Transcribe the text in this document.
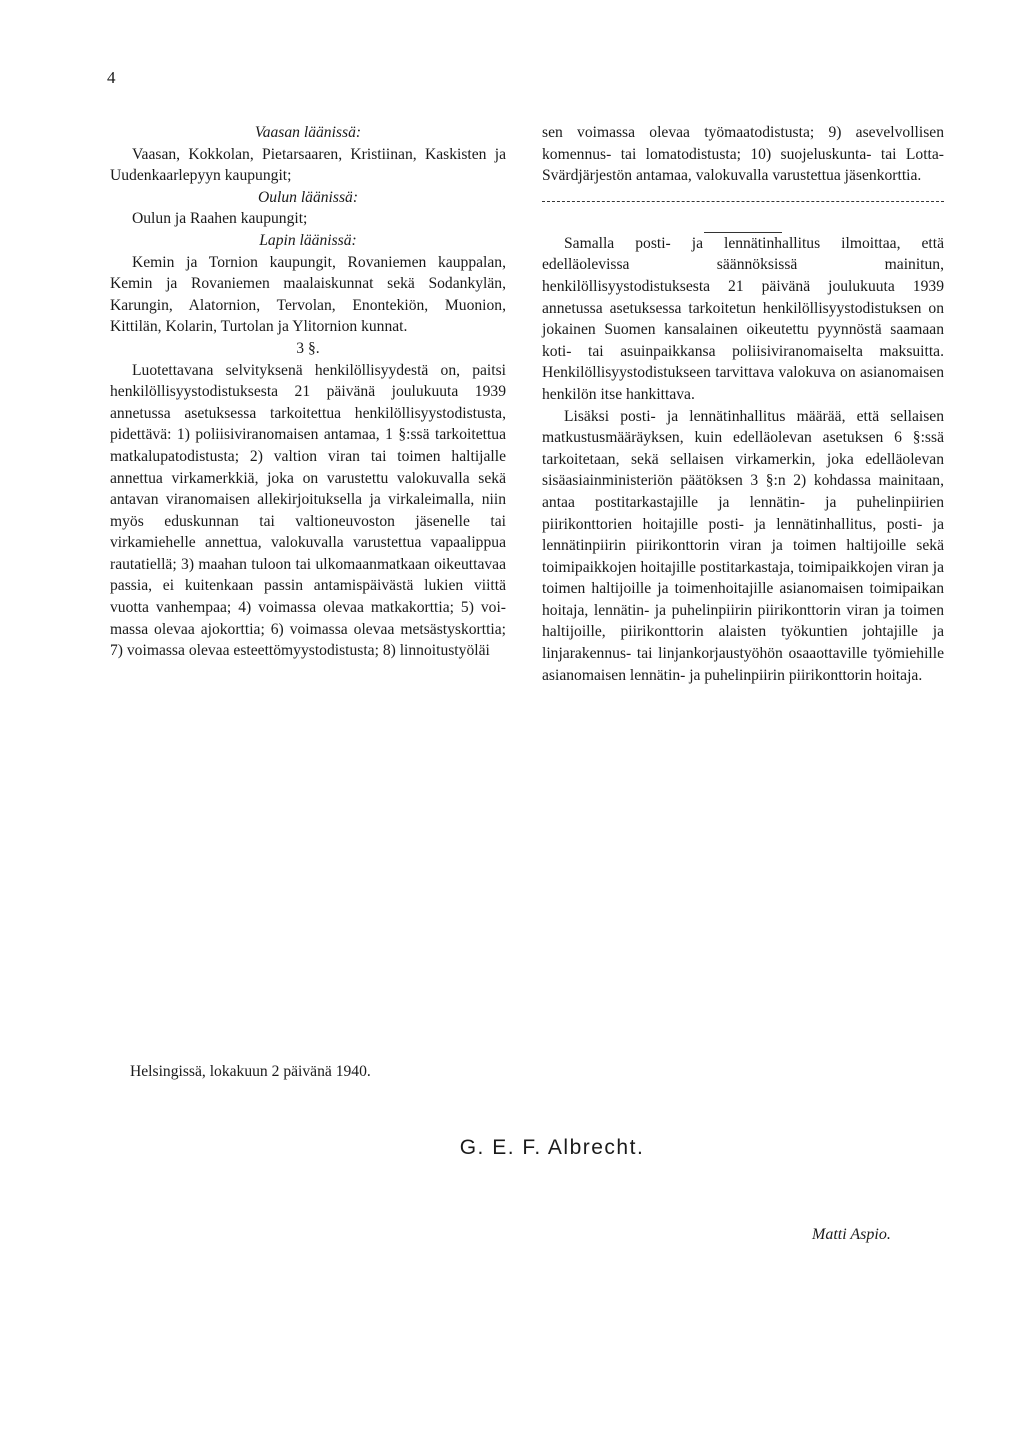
4

Vaasan läänissä:

Vaasan, Kokkolan, Pietarsaaren, Kristiinan, Kaskisten ja Uudenkaarlepyyn kaupungit;

Oulun läänissä:

Oulun ja Raahen kaupungit;

Lapin läänissä:

Kemin ja Tornion kaupungit, Rovaniemen kauppalan, Kemin ja Rovaniemen maalaiskunnat sekä Sodankylän, Karungin, Alatornion, Tervolan, Enontekiön, Muonion, Kittilän, Kolarin, Turtolan ja Ylitornion kunnat.

3 §.

Luotettavana selvityksenä henkilöllisyydestä on, paitsi henkilöllisyystodistuksesta 21 päivänä joulukuuta 1939 annetussa asetuksessa tarkoitettua henkilöllisyystodistusta, pidettävä: 1) poliisiviranomaisen antamaa, 1 §:ssä tarkoitettua matkalupatodistusta; 2) valtion viran tai toimen haltijalle annettua virkamerkkiä, joka on varustettu valokuvalla sekä antavan viranomaisen allekirjoituksella ja virkaleimalla, niin myös eduskunnan tai valtioneuvoston jäsenelle tai virkamiehelle annettua, valokuvalla varustettua vapaalippua rautatiellä; 3) maahan tuloon tai ulkomaanmatkaan oikeuttavaa passia, ei kuitenkaan passin antamispäivästä lukien viittä vuotta vanhempaa; 4) voimassa olevaa matkakorttia; 5) voimassa olevaa ajokorttia; 6) voimassa olevaa metsästyskorttia; 7) voimassa olevaa esteettömyystodistusta; 8) linnoitustyöläi

sen voimassa olevaa työmaatodistusta; 9) asevelvollisen komennus- tai lomatodistusta; 10) suojeluskunta- tai Lotta-Svärdjärjestön antamaa, valokuvalla varustettua jäsenkorttia.

Samalla posti- ja lennätinhallitus ilmoittaa, että edelläolevissa säännöksissä mainitun, henkilöllisyystodistuksesta 21 päivänä joulukuuta 1939 annetussa asetuksessa tarkoitetun henkilöllisyystodistuksen on jokainen Suomen kansalainen oikeutettu pyynnöstä saamaan koti- tai asuinpaikkansa poliisiviranomaiselta maksuitta. Henkilöllisyystodistukseen tarvittava valokuva on asianomaisen henkilön itse hankittava.

Lisäksi posti- ja lennätinhallitus määrää, että sellaisen matkustusmääräyksen, kuin edelläolevan asetuksen 6 §:ssä tarkoitetaan, sekä sellaisen virkamerkin, joka edelläolevan sisäasiainministeriön päätöksen 3 §:n 2) kohdassa mainitaan, antaa postitarkastajille ja lennätin- ja puhelinpiirien piirikonttorien hoitajille posti- ja lennätinhallitus, posti- ja lennätinpiirin piirikonttorin viran ja toimen haltijoille sekä toimipaikkojen hoitajille postitarkastaja, toimipaikkojen viran ja toimen haltijoille ja toimenhoitajille asianomaisen toimipaikan hoitaja, lennätin- ja puhelinpiirin piirikonttorin viran ja toimen haltijoille, piirikonttorin alaisten työkuntien johtajille ja linjarakennus- tai linjankorjaustyöhön osaaottaville työmiehille asianomaisen lennätin- ja puhelinpiirin piirikonttorin hoitaja.

Helsingissä, lokakuun 2 päivänä 1940.
G. E. F. Albrecht.
Matti Aspio.
